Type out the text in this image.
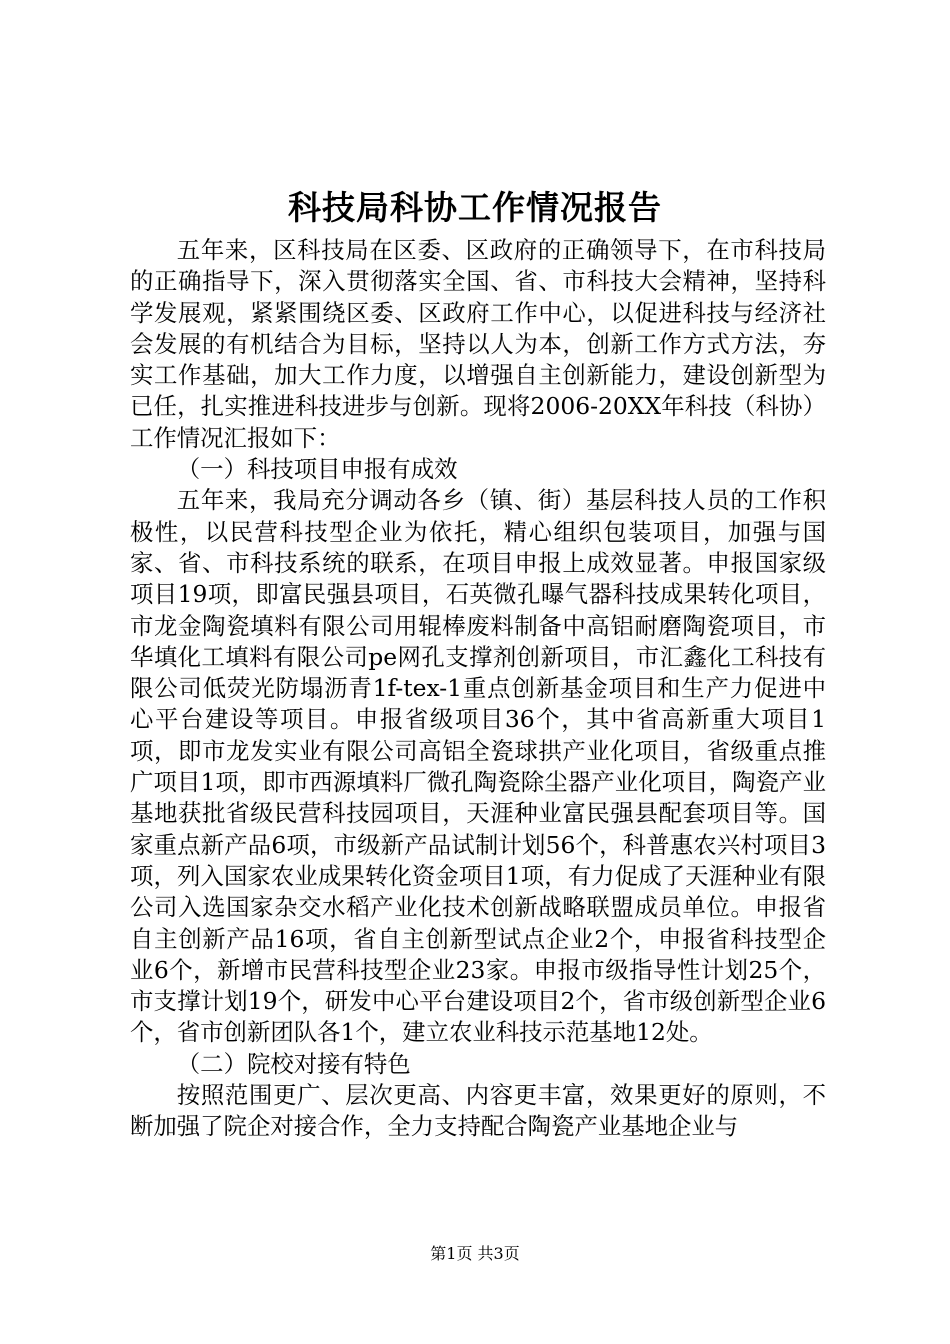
科技局科协工作情况报告

五年来，区科技局在区委、区政府的正确领导下，在市科技局的正确指导下，深入贯彻落实全国、省、市科技大会精神，坚持科学发展观，紧紧围绕区委、区政府工作中心，以促进科技与经济社会发展的有机结合为目标，坚持以人为本，创新工作方式方法，夯实工作基础，加大工作力度，以增强自主创新能力，建设创新型为已任，扎实推进科技进步与创新。现将2006-20XX年科技（科协）工作情况汇报如下：

（一）科技项目申报有成效

五年来，我局充分调动各乡（镇、街）基层科技人员的工作积极性，以民营科技型企业为依托，精心组织包装项目，加强与国家、省、市科技系统的联系，在项目申报上成效显著。申报国家级项目19项，即富民强县项目，石英微孔曝气器科技成果转化项目，市龙金陶瓷填料有限公司用辊棒废料制备中高铝耐磨陶瓷项目，市华填化工填料有限公司pe网孔支撑剂创新项目，市汇鑫化工科技有限公司低荧光防塌沥青1f-tex-1重点创新基金项目和生产力促进中心平台建设等项目。申报省级项目36个，其中省高新重大项目1项，即市龙发实业有限公司高铝全瓷球拱产业化项目，省级重点推广项目1项，即市西源填料厂微孔陶瓷除尘器产业化项目，陶瓷产业基地获批省级民营科技园项目，天涯种业富民强县配套项目等。国家重点新产品6项，市级新产品试制计划56个，科普惠农兴村项目3项，列入国家农业成果转化资金项目1项，有力促成了天涯种业有限公司入选国家杂交水稻产业化技术创新战略联盟成员单位。申报省自主创新产品16项，省自主创新型试点企业2个，申报省科技型企业6个，新增市民营科技型企业23家。申报市级指导性计划25个，市支撑计划19个，研发中心平台建设项目2个，省市级创新型企业6个，省市创新团队各1个，建立农业科技示范基地12处。

（二）院校对接有特色

按照范围更广、层次更高、内容更丰富，效果更好的原则，不断加强了院企对接合作，全力支持配合陶瓷产业基地企业与

第1页 共3页
